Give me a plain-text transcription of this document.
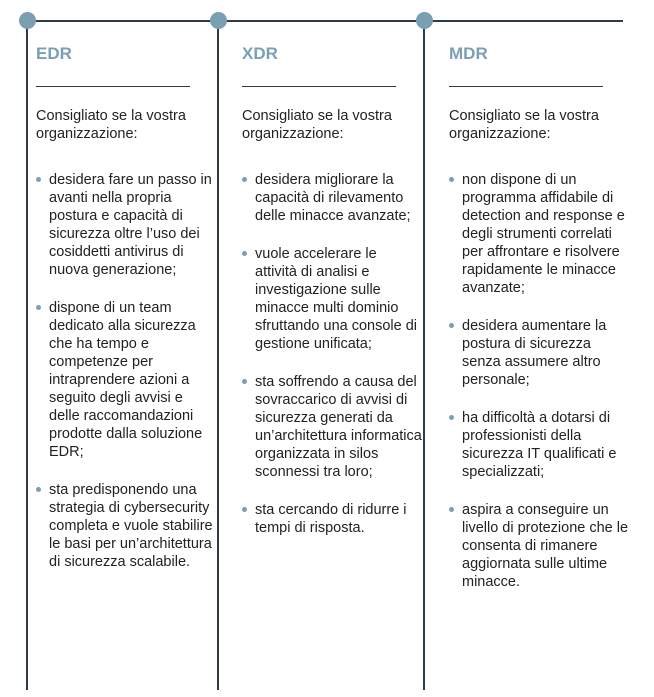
EDR
Consigliato se la vostra organizzazione:
desidera fare un passo in avanti nella propria postura e capacità di sicurezza oltre l’uso dei cosiddetti antivirus di nuova generazione;
dispone di un team dedicato alla sicurezza che ha tempo e competenze per intraprendere azioni a seguito degli avvisi e delle raccomandazioni prodotte dalla soluzione EDR;
sta predisponendo una strategia di cybersecurity completa e vuole stabilire le basi per un’architettura di sicurezza scalabile.
XDR
Consigliato se la vostra organizzazione:
desidera migliorare la capacità di rilevamento delle minacce avanzate;
vuole accelerare le attività di analisi e investigazione sulle minacce multi dominio sfruttando una console di gestione unificata;
sta soffrendo a causa del sovraccarico di avvisi di sicurezza generati da un’architettura informatica organizzata in silos sconnessi tra loro;
sta cercando di ridurre i tempi di risposta.
MDR
Consigliato se la vostra organizzazione:
non dispone di un programma affidabile di detection and response e degli strumenti correlati per affrontare e risolvere rapidamente le minacce avanzate;
desidera aumentare la postura di sicurezza senza assumere altro personale;
ha difficoltà a dotarsi di professionisti della sicurezza IT qualificati e specializzati;
aspira a conseguire un livello di protezione che le consenta di rimanere aggiornata sulle ultime minacce.
